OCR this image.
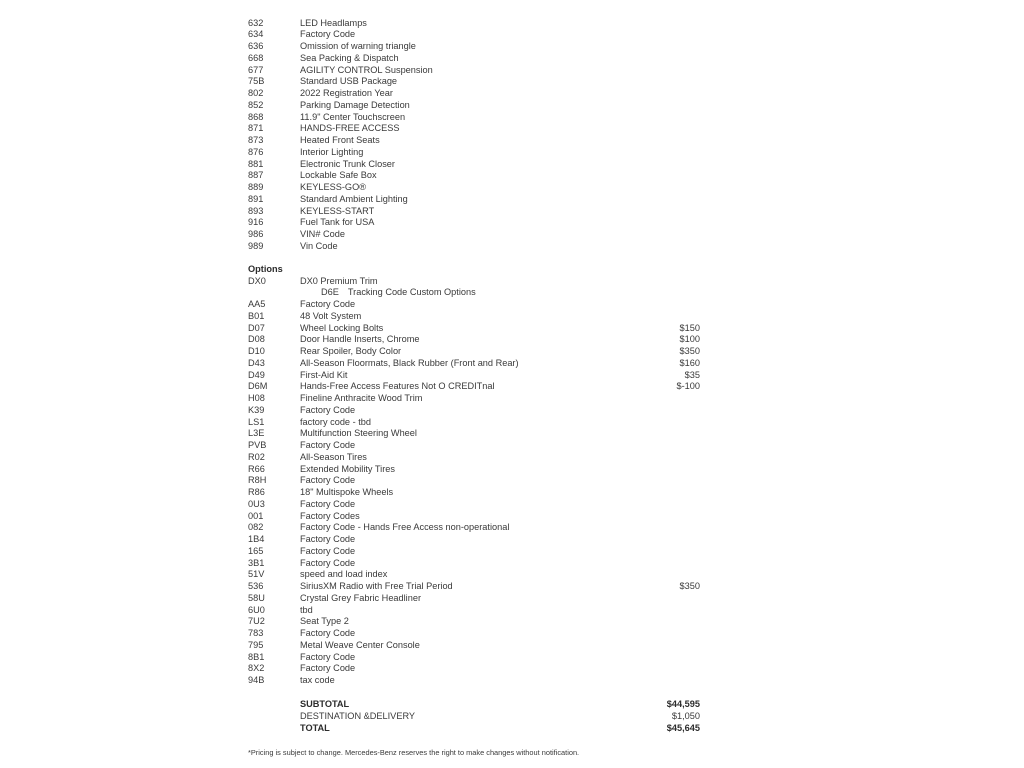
632	LED Headlamps
634	Factory Code
636	Omission of warning triangle
668	Sea Packing & Dispatch
677	AGILITY CONTROL Suspension
75B	Standard USB Package
802	2022 Registration Year
852	Parking Damage Detection
868	11.9" Center Touchscreen
871	HANDS-FREE ACCESS
873	Heated Front Seats
876	Interior Lighting
881	Electronic Trunk Closer
887	Lockable Safe Box
889	KEYLESS-GO®
891	Standard Ambient Lighting
893	KEYLESS-START
916	Fuel Tank for USA
986	VIN# Code
989	Vin Code
Options
DX0	DX0 Premium Trim
D6E Tracking Code Custom Options
AA5	Factory Code
B01	48 Volt System
D07	Wheel Locking Bolts	$150
D08	Door Handle Inserts, Chrome	$100
D10	Rear Spoiler, Body Color	$350
D43	All-Season Floormats, Black Rubber (Front and Rear)	$160
D49	First-Aid Kit	$35
D6M	Hands-Free Access Features Not O CREDITnal	$-100
H08	Fineline Anthracite Wood Trim
K39	Factory Code
LS1	factory code - tbd
L3E	Multifunction Steering Wheel
PVB	Factory Code
R02	All-Season Tires
R66	Extended Mobility Tires
R8H	Factory Code
R86	18" Multispoke Wheels
0U3	Factory Code
001	Factory Codes
082	Factory Code - Hands Free Access non-operational
1B4	Factory Code
165	Factory Code
3B1	Factory Code
51V	speed and load index
536	SiriusXM Radio with Free Trial Period	$350
58U	Crystal Grey Fabric Headliner
6U0	tbd
7U2	Seat Type 2
783	Factory Code
795	Metal Weave Center Console
8B1	Factory Code
8X2	Factory Code
94B	tax code
SUBTOTAL	$44,595
DESTINATION &DELIVERY	$1,050
TOTAL	$45,645
*Pricing is subject to change. Mercedes-Benz reserves the right to make changes without notification.
